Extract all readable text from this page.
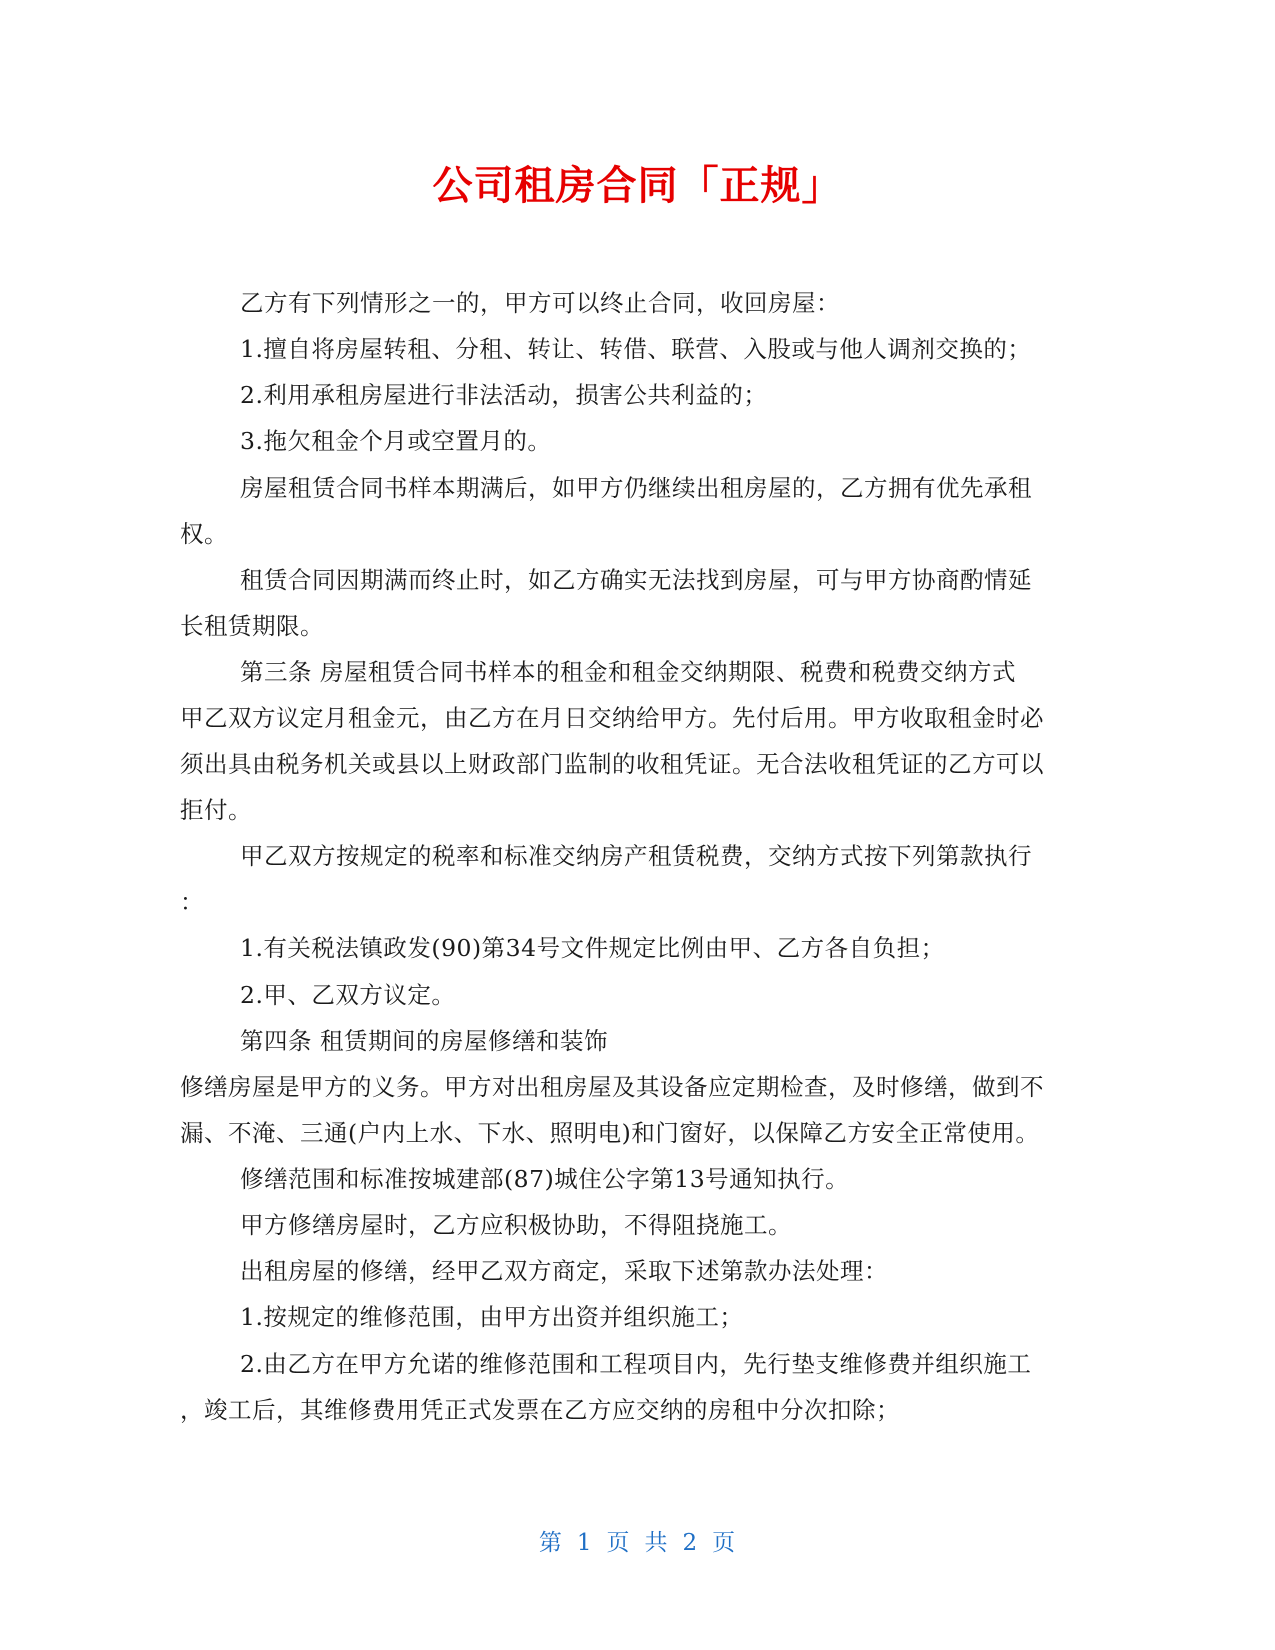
公司租房合同「正规」
乙方有下列情形之一的，甲方可以终止合同，收回房屋：
1.擅自将房屋转租、分租、转让、转借、联营、入股或与他人调剂交换的；
2.利用承租房屋进行非法活动，损害公共利益的；
3.拖欠租金个月或空置月的。
房屋租赁合同书样本期满后，如甲方仍继续出租房屋的，乙方拥有优先承租
权。
租赁合同因期满而终止时，如乙方确实无法找到房屋，可与甲方协商酌情延
长租赁期限。
第三条 房屋租赁合同书样本的租金和租金交纳期限、税费和税费交纳方式
甲乙双方议定月租金元，由乙方在月日交纳给甲方。先付后用。甲方收取租金时必
须出具由税务机关或县以上财政部门监制的收租凭证。无合法收租凭证的乙方可以
拒付。
甲乙双方按规定的税率和标准交纳房产租赁税费，交纳方式按下列第款执行
：
1.有关税法镇政发(90)第34号文件规定比例由甲、乙方各自负担；
2.甲、乙双方议定。
第四条 租赁期间的房屋修缮和装饰
修缮房屋是甲方的义务。甲方对出租房屋及其设备应定期检查，及时修缮，做到不
漏、不淹、三通(户内上水、下水、照明电)和门窗好，以保障乙方安全正常使用。
修缮范围和标准按城建部(87)城住公字第13号通知执行。
甲方修缮房屋时，乙方应积极协助，不得阻挠施工。
出租房屋的修缮，经甲乙双方商定，采取下述第款办法处理：
1.按规定的维修范围，由甲方出资并组织施工；
2.由乙方在甲方允诺的维修范围和工程项目内，先行垫支维修费并组织施工
，竣工后，其维修费用凭正式发票在乙方应交纳的房租中分次扣除；
第 1 页 共 2 页
